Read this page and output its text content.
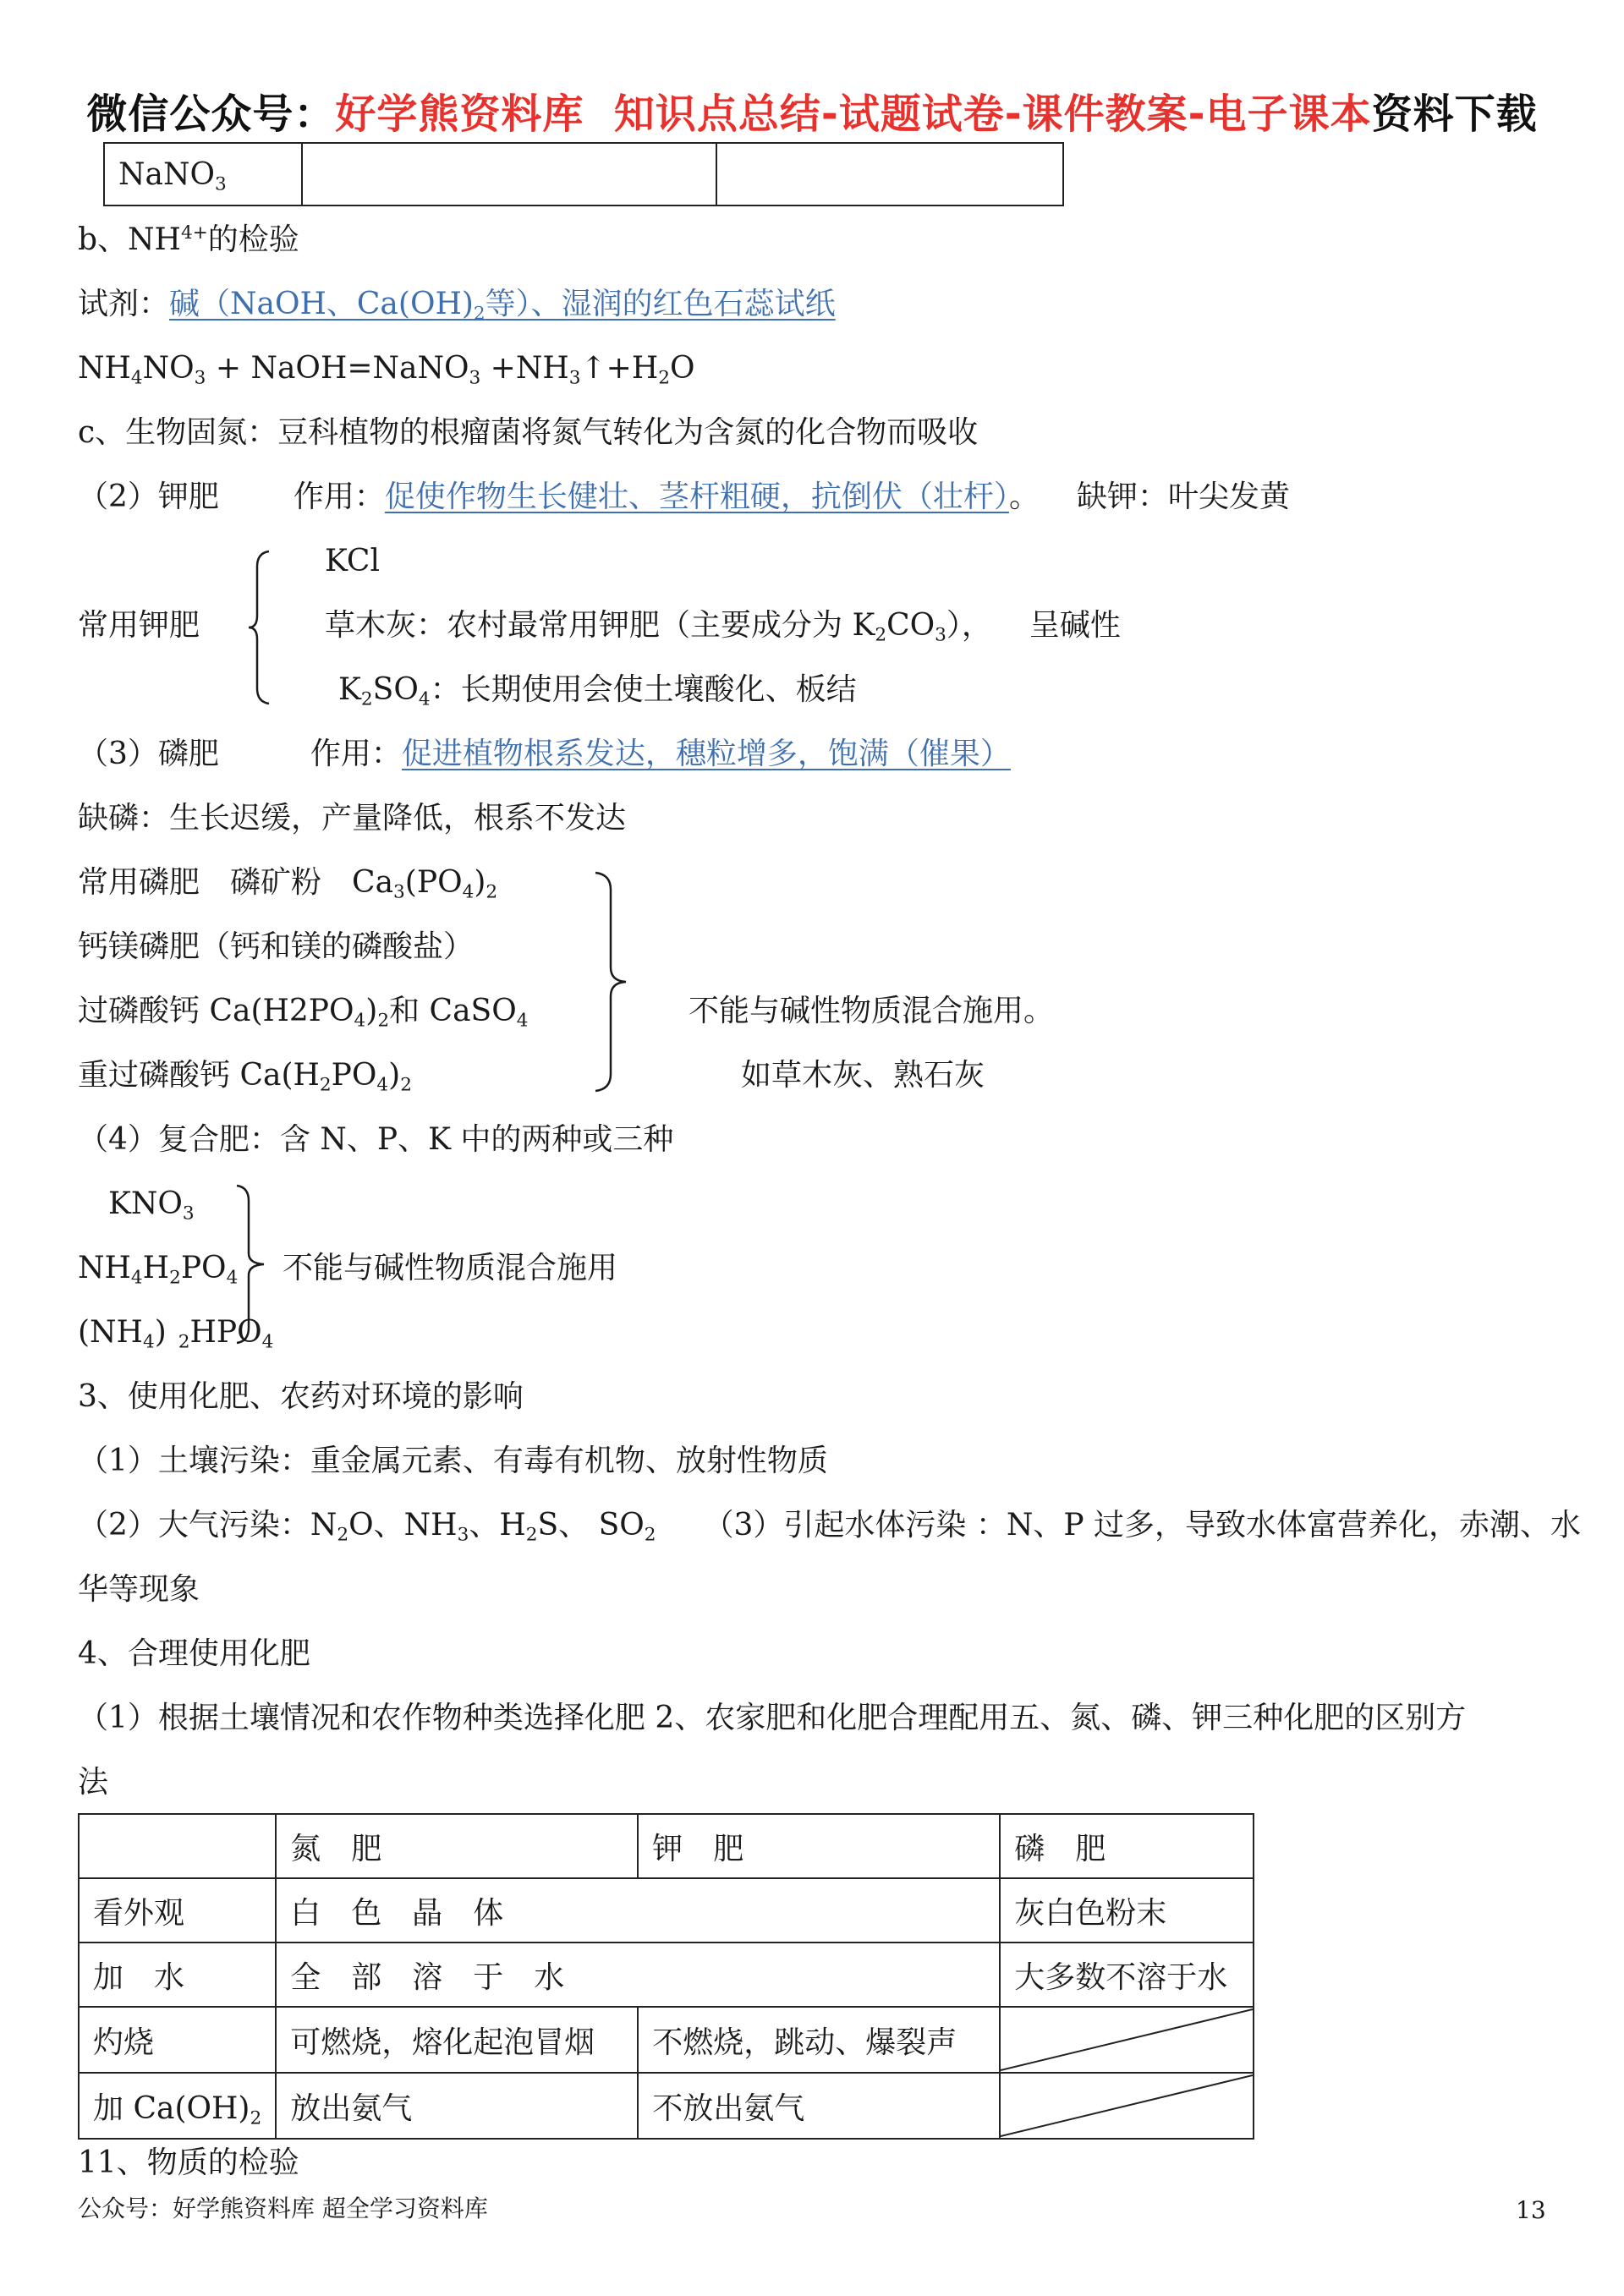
微信公众号：好学熊资料库 知识点总结-试题试卷-课件教案-电子课本资料下载
NaNO$_3$		
b、$NH^{4+}$的检验
试剂：碱（NaOH、$Ca(OH)_2$等）、湿润的红色石蕊试纸
$NH_4NO_3$ + NaOH=NaNO$_3$ $+NH_3↑+H_2O$
c、生物固氮：豆科植物的根瘤菌将氮气转化为含氮的化合物而吸收
（2）钾肥 作用：促使作物生长健壮、茎杆粗硬，抗倒伏（壮杆）。 缺钾：叶尖发黄
常用钾肥
KCl
草木灰：农村最常用钾肥（主要成分为 $K_2CO_3$）， 呈碱性
$K_2SO_4$：长期使用会使土壤酸化、板结
（3）磷肥	作用：促进植物根系发达，穗粒增多，饱满（催果）
缺磷：生长迟缓，产量降低，根系不发达
常用磷肥 磷矿粉 $Ca_3(PO_4)_2$
钙镁磷肥（钙和镁的磷酸盐）
过磷酸钙 $Ca(H2PO_4)_2$和 CaSO$_4$
重过磷酸钙 $Ca(H_2PO_4)_2$
不能与碱性物质混合施用。
如草木灰、熟石灰
（4）复合肥：含 N、P、K 中的两种或三种
$KNO_3$
$NH_4H_2PO_4$
$(NH_4)$ $_2HPO_4$
不能与碱性物质混合施用
3、使用化肥、农药对环境的影响
（1）土壤污染：重金属元素、有毒有机物、放射性物质
（2）大气污染：$N_2O$、$NH_3$、$H_2S$、 $SO_2$ （3）引起水体污染 ：N、P 过多，导致水体富营养化，赤潮、水
华等现象
4、合理使用化肥
（1）根据土壤情况和农作物种类选择化肥 2、农家肥和化肥合理配用五、氮、磷、钾三种化肥的区别方
法
	氮　肥	钾　肥	磷　肥
看外观	白　色　晶　体		灰白色粉末
加　水	全　部　溶　于　水		大多数不溶于水
灼烧	可燃烧，熔化起泡冒烟	不燃烧，跳动、爆裂声	

加 $Ca(OH)_2$	放出氨气	不放出氨气	
11、物质的检验
公众号：好学熊资料库 超全学习资料库	13
